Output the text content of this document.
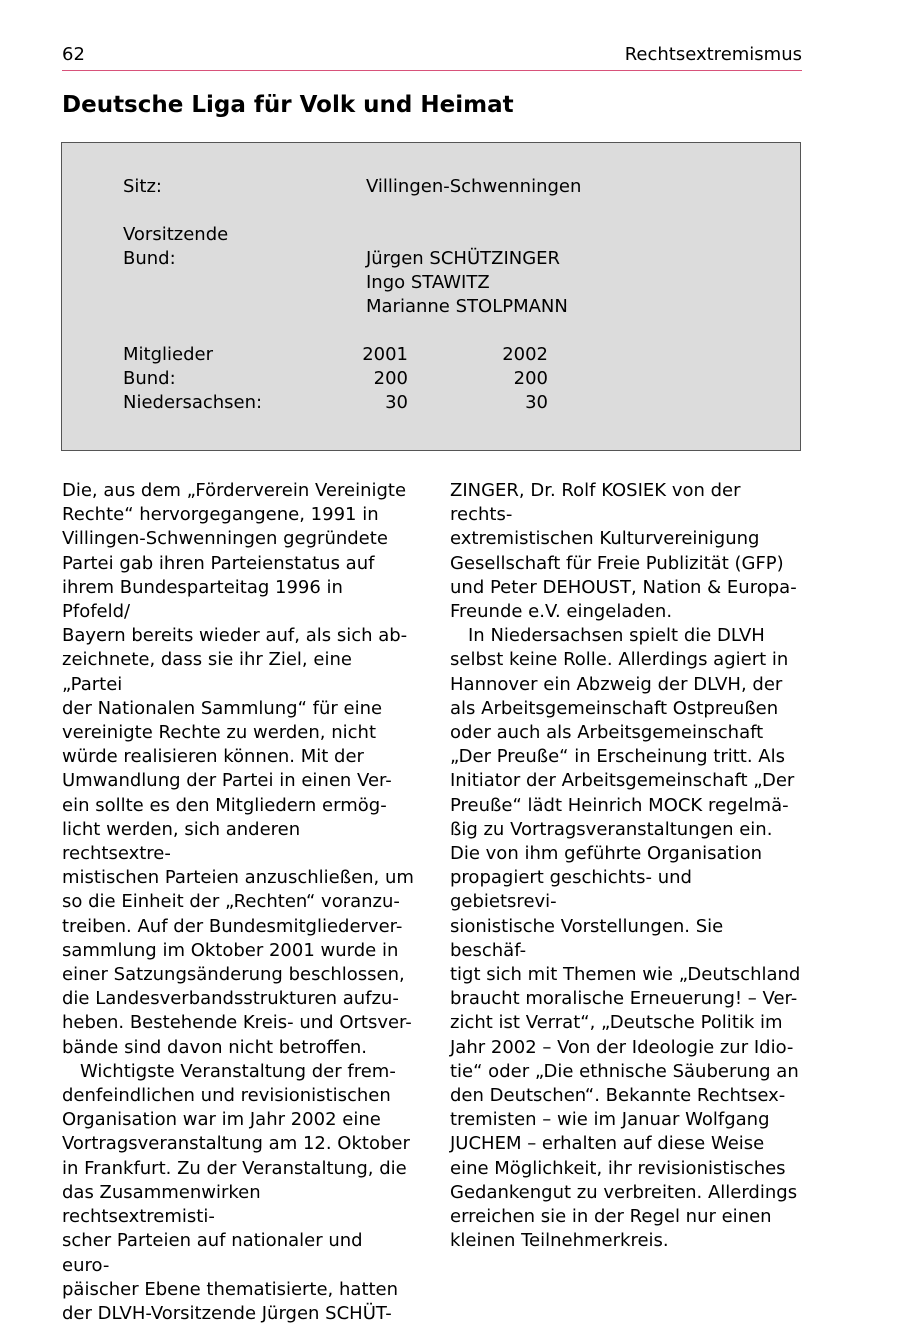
62	Rechtsextremismus
Deutsche Liga für Volk und Heimat
Sitz:	Villingen-Schwenningen
Vorsitzende
Bund:	Jürgen SCHÜTZINGER
Ingo STAWITZ
Marianne STOLPMANN
Mitglieder	2001	2002
Bund:	200	200
Niedersachsen:	30	30

Die, aus dem „Förderverein Vereinigte

Rechte“ hervorgegangene, 1991 in

Villingen-Schwenningen gegründete

Partei gab ihren Parteienstatus auf

ihrem Bundesparteitag 1996 in Pfofeld/

Bayern bereits wieder auf, als sich ab-

zeichnete, dass sie ihr Ziel, eine „Partei

der Nationalen Sammlung“ für eine

vereinigte Rechte zu werden, nicht

würde realisieren können. Mit der

Umwandlung der Partei in einen Ver-

ein sollte es den Mitgliedern ermög-

licht werden, sich anderen rechtsextre-

mistischen Parteien anzuschließen, um

so die Einheit der „Rechten“ voranzu-

treiben. Auf der Bundesmitgliederver-

sammlung im Oktober 2001 wurde in

einer Satzungsänderung beschlossen,

die Landesverbandsstrukturen aufzu-

heben. Bestehende Kreis- und Ortsver-

bände sind davon nicht betroffen.

Wichtigste Veranstaltung der frem-

denfeindlichen und revisionistischen

Organisation war im Jahr 2002 eine

Vortragsveranstaltung am 12. Oktober

in Frankfurt. Zu der Veranstaltung, die

das Zusammenwirken rechtsextremisti-

scher Parteien auf nationaler und euro-

päischer Ebene thematisierte, hatten

der DLVH-Vorsitzende Jürgen SCHÜT-

ZINGER, Dr. Rolf KOSIEK von der rechts-

extremistischen Kulturvereinigung

Gesellschaft für Freie Publizität (GFP)

und Peter DEHOUST, Nation & Europa-

Freunde e.V. eingeladen.

In Niedersachsen spielt die DLVH

selbst keine Rolle. Allerdings agiert in

Hannover ein Abzweig der DLVH, der

als Arbeitsgemeinschaft Ostpreußen

oder auch als Arbeitsgemeinschaft

„Der Preuße“ in Erscheinung tritt. Als

Initiator der Arbeitsgemeinschaft „Der

Preuße“ lädt Heinrich MOCK regelmä-

ßig zu Vortragsveranstaltungen ein.

Die von ihm geführte Organisation

propagiert geschichts- und gebietsrevi-

sionistische Vorstellungen. Sie beschäf-

tigt sich mit Themen wie „Deutschland

braucht moralische Erneuerung! – Ver-

zicht ist Verrat“, „Deutsche Politik im

Jahr 2002 – Von der Ideologie zur Idio-

tie“ oder „Die ethnische Säuberung an

den Deutschen“. Bekannte Rechtsex-

tremisten – wie im Januar Wolfgang

JUCHEM – erhalten auf diese Weise

eine Möglichkeit, ihr revisionistisches

Gedankengut zu verbreiten. Allerdings

erreichen sie in der Regel nur einen

kleinen Teilnehmerkreis.
